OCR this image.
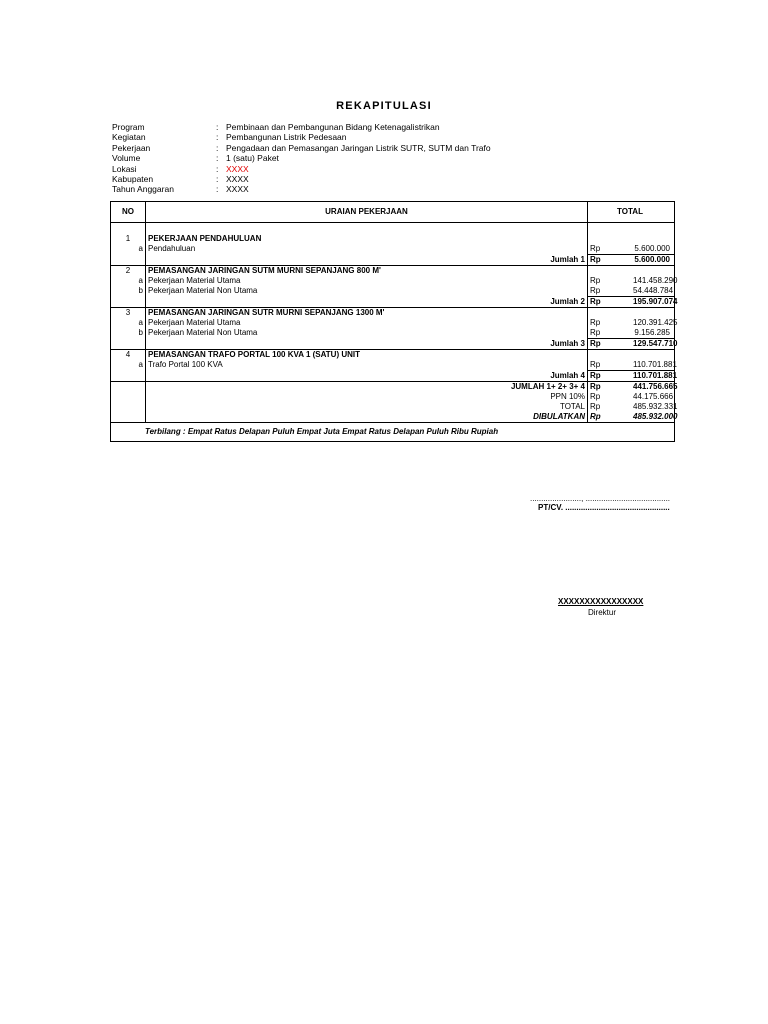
REKAPITULASI
Program	: Pembinaan dan Pembangunan Bidang Ketenagalistrikan
Kegiatan	: Pembangunan Listrik Pedesaan
Pekerjaan	: Pengadaan dan Pemasangan Jaringan Listrik SUTR, SUTM dan Trafo
Volume	: 1 (satu) Paket
Lokasi	: XXXX
Kabupaten	: XXXX
Tahun Anggaran	: XXXX
NO	URAIAN PEKERJAAN	TOTAL	

1	PEKERJAAN PENDAHULUAN		
a	Pendahuluan	Rp	5.600.000
	Jumlah 1	Rp	5.600.000
2	PEMASANGAN JARINGAN SUTM MURNI SEPANJANG 800 M'		
a	Pekerjaan Material Utama	Rp	141.458.290
b	Pekerjaan Material Non Utama	Rp	54.448.784
	Jumlah 2	Rp	195.907.074
3	PEMASANGAN JARINGAN SUTR MURNI SEPANJANG 1300 M'		
a	Pekerjaan Material Utama	Rp	120.391.425
b	Pekerjaan Material Non Utama	Rp	9.156.285
	Jumlah 3	Rp	129.547.710
4	PEMASANGAN TRAFO PORTAL 100 KVA 1 (SATU) UNIT		
a	Trafo Portal 100 KVA	Rp	110.701.881
	Jumlah 4	Rp	110.701.881
	JUMLAH 1+ 2+ 3+ 4	Rp	441.756.665
	PPN 10%	Rp	44.175.666
	TOTAL	Rp	485.932.331
	DIBULATKAN	Rp	485.932.000
Terbilang : Empat Ratus Delapan Puluh Empat Juta Empat Ratus Delapan Puluh Ribu Rupiah			
......................., ......................................
PT/CV. ...............................................
XXXXXXXXXXXXXXXX
Direktur
